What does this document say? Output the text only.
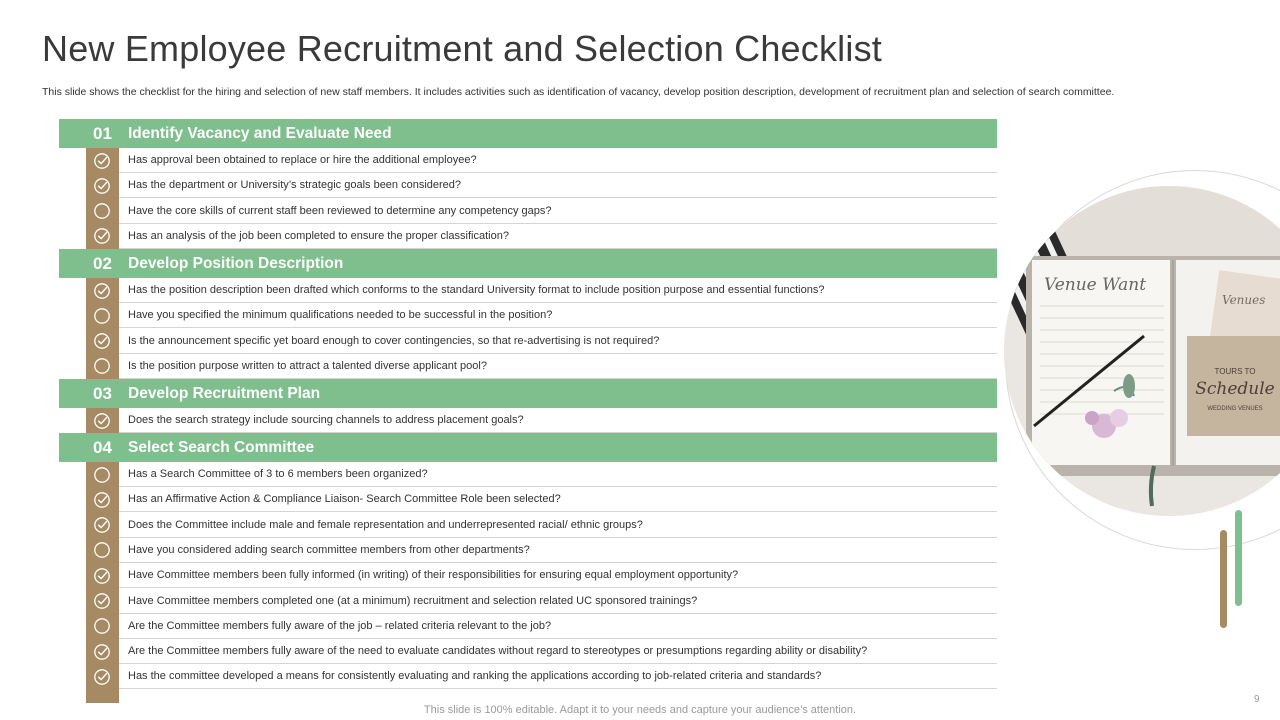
New Employee Recruitment and Selection Checklist
This slide shows the checklist for the hiring and selection of new staff members. It includes activities such as identification of vacancy, develop position description, development of recruitment plan and selection of search committee.
01	Identify Vacancy and Evaluate Need
Has approval been obtained to replace or hire the additional employee?
Has the department or University’s strategic goals been considered?
Have the core skills of current staff been reviewed to determine any competency gaps?
Has an analysis of the job been completed to ensure the proper classification?
02	Develop Position Description
Has the position description been drafted which conforms to the standard University format to include position purpose and essential functions?
Have you specified the minimum qualifications needed to be successful in the position?
Is the announcement specific yet board enough to cover contingencies, so that re-advertising is not required?
Is the position purpose written to attract a talented diverse applicant pool?
03	Develop Recruitment Plan
Does the search strategy include sourcing channels to address placement goals?
04	Select Search Committee
Has a Search Committee of 3 to 6 members been organized?
Has an Affirmative Action & Compliance Liaison- Search Committee Role been selected?
Does the Committee include male and female representation and underrepresented racial/ ethnic groups?
Have you considered adding search committee members from other departments?
Have Committee members been fully informed (in writing) of their responsibilities for ensuring equal employment opportunity?
Have Committee members completed one (at a minimum) recruitment and selection related UC sponsored trainings?
Are the Committee members fully aware of the job – related criteria relevant to the job?
Are the Committee members fully aware of the need to evaluate candidates without regard to stereotypes or presumptions regarding ability or disability?
Has the committee developed a means for consistently evaluating and ranking the applications according to job-related criteria and standards?
Venue Want
Venues
TOURS TO
Schedule
WEDDING VENUES
9
This slide is 100% editable. Adapt it to your needs and capture your audience’s attention.
